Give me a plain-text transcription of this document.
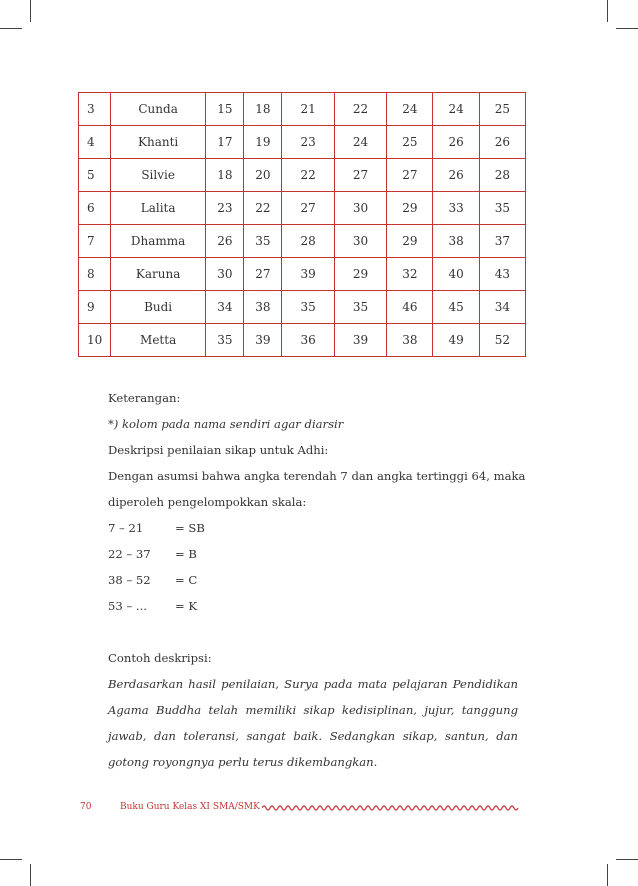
3	Cunda	15	18	21	22	24	24	25
4	Khanti	17	19	23	24	25	26	26
5	Silvie	18	20	22	27	27	26	28
6	Lalita	23	22	27	30	29	33	35
7	Dhamma	26	35	28	30	29	38	37
8	Karuna	30	27	39	29	32	40	43
9	Budi	34	38	35	35	46	45	34
10	Metta	35	39	36	39	38	49	52
Keterangan:
*) kolom pada nama sendiri agar diarsir
Deskripsi penilaian sikap untuk Adhi:
Dengan asumsi bahwa angka terendah 7 dan angka tertinggi 64, maka
diperoleh pengelompokkan skala:
7 – 21	= SB
22 – 37	= B
38 – 52	= C
53 – ...	= K
Contoh deskripsi:
Berdasarkan hasil penilaian, Surya pada mata pelajaran Pendidikan
Agama Buddha telah memiliki sikap kedisiplinan, jujur, tanggung
jawab, dan toleransi, sangat baik. Sedangkan sikap, santun, dan
gotong royongnya perlu terus dikembangkan.
70	Buku Guru Kelas XI SMA/SMK
